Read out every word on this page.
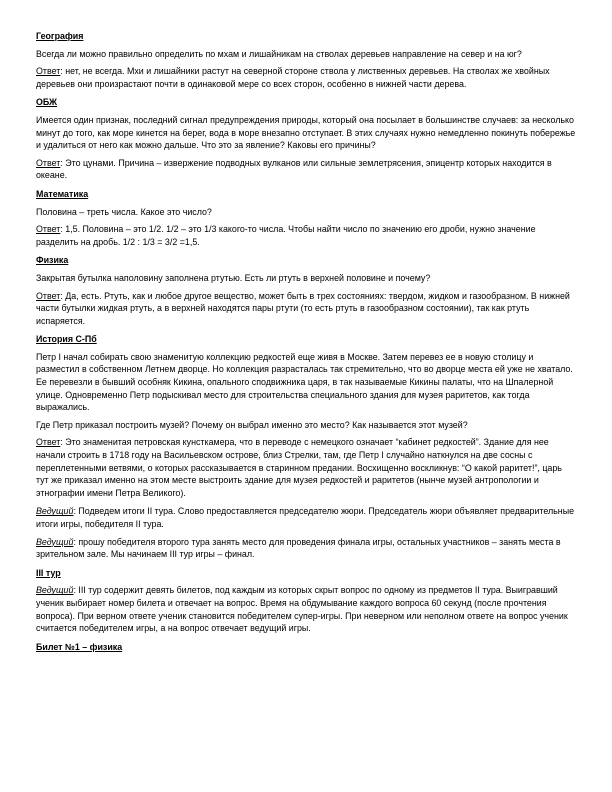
География
Всегда ли можно правильно определить по мхам и лишайникам на стволах деревьев направление на север и на юг?
Ответ: нет, не всегда. Мхи и лишайники растут на северной стороне ствола у лиственных деревьев. На стволах же хвойных деревьев они произрастают почти в одинаковой мере со всех сторон, особенно в нижней части дерева.
ОБЖ
Имеется один признак, последний сигнал предупреждения природы, который она посылает в большинстве случаев: за несколько минут до того, как море кинется на берег, вода в море внезапно отступает. В этих случаях нужно немедленно покинуть побережье и удалиться от него как можно дальше. Что это за явление? Каковы его причины?
Ответ: Это цунами. Причина – извержение подводных вулканов или сильные землетрясения, эпицентр которых находится в океане.
Математика
Половина – треть числа. Какое это число?
Ответ: 1,5. Половина – это 1/2. 1/2 – это 1/3 какого-то числа. Чтобы найти число по значению его дроби, нужно значение разделить на дробь. 1/2 : 1/3 = 3/2 =1,5.
Физика
Закрытая бутылка наполовину заполнена ртутью. Есть ли ртуть в верхней половине и почему?
Ответ: Да, есть. Ртуть, как и любое другое вещество, может быть в трех состояниях: твердом, жидком и газообразном. В нижней части бутылки жидкая ртуть, а в верхней находятся пары ртути (то есть ртуть в газообразном состоянии), так как ртуть испаряется.
История С-Пб
Петр I начал собирать свою знаменитую коллекцию редкостей еще живя в Москве. Затем перевез ее в новую столицу и разместил в собственном Летнем дворце. Но коллекция разрасталась так стремительно, что во дворце места ей уже не хватало. Ее перевезли в бывший особняк Кикина, опального сподвижника царя, в так называемые Кикины палаты, что на Шпалерной улице. Одновременно Петр подыскивал место для строительства специального здания для музея раритетов, как тогда выражались.
Где Петр приказал построить музей? Почему он выбрал именно это место? Как называется этот музей?
Ответ: Это знаменитая петровская кунсткамера, что в переводе с немецкого означает “кабинет редкостей”. Здание для нее начали строить в 1718 году на Васильевском острове, близ Стрелки, там, где Петр I случайно наткнулся на две сосны с переплетенными ветвями, о которых рассказывается в старинном предании. Восхищенно воскликнув: “О какой раритет!”, царь тут же приказал именно на этом месте выстроить здание для музея редкостей и раритетов (нынче музей антропологии и этнографии имени Петра Великого).
Ведущий: Подведем итоги II тура. Слово предоставляется председателю жюри. Председатель жюри объявляет предварительные итоги игры, победителя II тура.
Ведущий: прошу победителя второго тура занять место для проведения финала игры, остальных участников – занять места в зрительном зале. Мы начинаем III тур игры – финал.
III тур
Ведущий: III тур содержит девять билетов, под каждым из которых скрыт вопрос по одному из предметов II тура. Выигравший ученик выбирает номер билета и отвечает на вопрос. Время на обдумывание каждого вопроса 60 секунд (после прочтения вопроса). При верном ответе ученик становится победителем супер-игры. При неверном или неполном ответе на вопрос ученик считается победителем игры, а на вопрос отвечает ведущий игры.
Билет №1 – физика
